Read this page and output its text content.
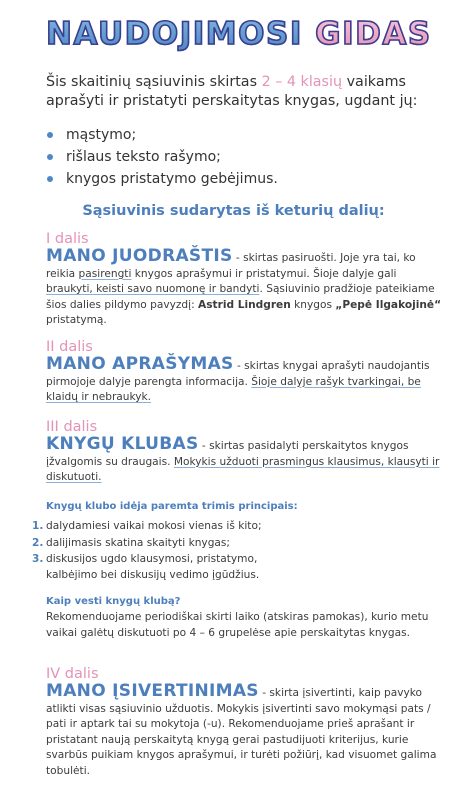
NAUDOJIMOSI GIDAS

Šis skaitinių sąsiuvinis skirtas 2 – 4 klasių vaikams aprašyti ir pristatyti perskaitytas knygas, ugdant jų:

mąstymo;
rišlaus teksto rašymo;
knygos pristatymo gebėjimus.
Sąsiuvinis sudarytas iš keturių dalių:
I dalis
MANO JUODRAŠTIS - skirtas pasiruošti. Joje yra tai, ko reikia pasirengti knygos aprašymui ir pristatymui. Šioje dalyje gali braukyti, keisti savo nuomonę ir bandyti. Sąsiuvinio pradžioje pateikiame šios dalies pildymo pavyzdį: Astrid Lindgren knygos „Pepė Ilgakojinė“ pristatymą.
II dalis
MANO APRAŠYMAS - skirtas knygai aprašyti naudojantis pirmojoje dalyje parengta informacija. Šioje dalyje rašyk tvarkingai, be klaidų ir nebraukyk.
III dalis
KNYGŲ KLUBAS - skirtas pasidalyti perskaitytos knygos įžvalgomis su draugais. Mokykis užduoti prasmingus klausimus, klausyti ir diskutuoti.
Knygų klubo idėja paremta trimis principais:
1. dalydamiesi vaikai mokosi vienas iš kito;
2. dalijimasis skatina skaityti knygas;
3. diskusijos ugdo klausymosi, pristatymo, kalbėjimo bei diskusijų vedimo įgūdžius.
Kaip vesti knygų klubą?

Rekomenduojame periodiškai skirti laiko (atskiras pamokas), kurio metu vaikai galėtų diskutuoti po 4 – 6 grupelėse apie perskaitytas knygas.

IV dalis
MANO ĮSIVERTINIMAS - skirta įsivertinti, kaip pavyko atlikti visas sąsiuvinio užduotis. Mokykis įsivertinti savo mokymąsi pats / pati ir aptark tai su mokytoja (-u). Rekomenduojame prieš aprašant ir pristatant naują perskaitytą knygą gerai pastudijuoti kriterijus, kurie svarbūs puikiam knygos aprašymui, ir turėti požiūrį, kad visuomet galima tobulėti.
